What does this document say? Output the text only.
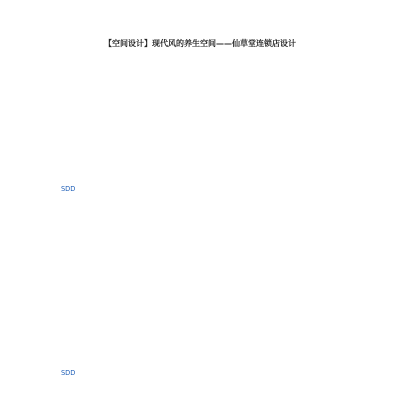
【空间设计】现代风的养生空间——仙草堂连锁店设计

SDD

SDD
